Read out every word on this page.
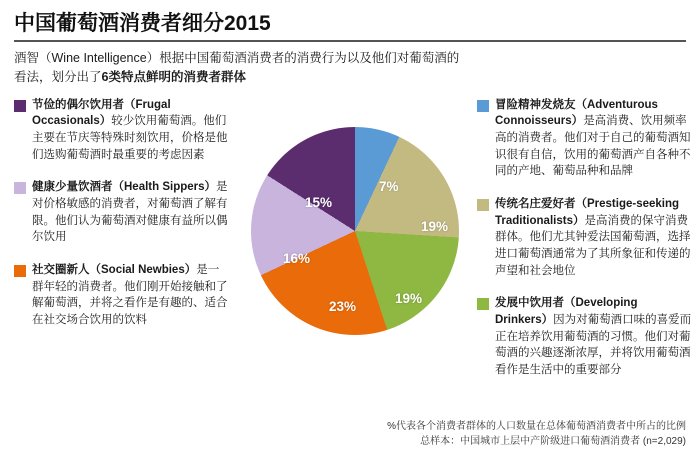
中国葡萄酒消费者细分2015
酒智（Wine Intelligence）根据中国葡萄酒消费者的消费行为以及他们对葡萄酒的
看法，划分出了6类特点鲜明的消费者群体
节俭的偶尔饮用者（Frugal Occasionals）较少饮用葡萄酒。他们主要在节庆等特殊时刻饮用，价格是他们选购葡萄酒时最重要的考虑因素
健康少量饮酒者（Health Sippers）是对价格敏感的消费者，对葡萄酒了解有限。他们认为葡萄酒对健康有益所以偶尔饮用
社交圈新人（Social Newbies）是一群年轻的消费者。他们刚开始接触和了解葡萄酒，并将之看作是有趣的、适合在社交场合饮用的饮料
7%
19%
19%
23%
16%
15%
冒险精神发烧友（Adventurous Connoisseurs）是高消费、饮用频率高的消费者。他们对于自己的葡萄酒知识很有自信，饮用的葡萄酒产自各种不同的产地、葡萄品种和品牌
传统名庄爱好者（Prestige-seeking Traditionalists）是高消费的保守消费群体。他们尤其钟爱法国葡萄酒，选择进口葡萄酒通常为了其所象征和传递的声望和社会地位
发展中饮用者（Developing Drinkers）因为对葡萄酒口味的喜爱而正在培养饮用葡萄酒的习惯。他们对葡萄酒的兴趣逐渐浓厚，并将饮用葡萄酒看作是生活中的重要部分
%代表各个消费者群体的人口数量在总体葡萄酒消费者中所占的比例
总样本：中国城市上层中产阶级进口葡萄酒消费者 (n=2,029)
